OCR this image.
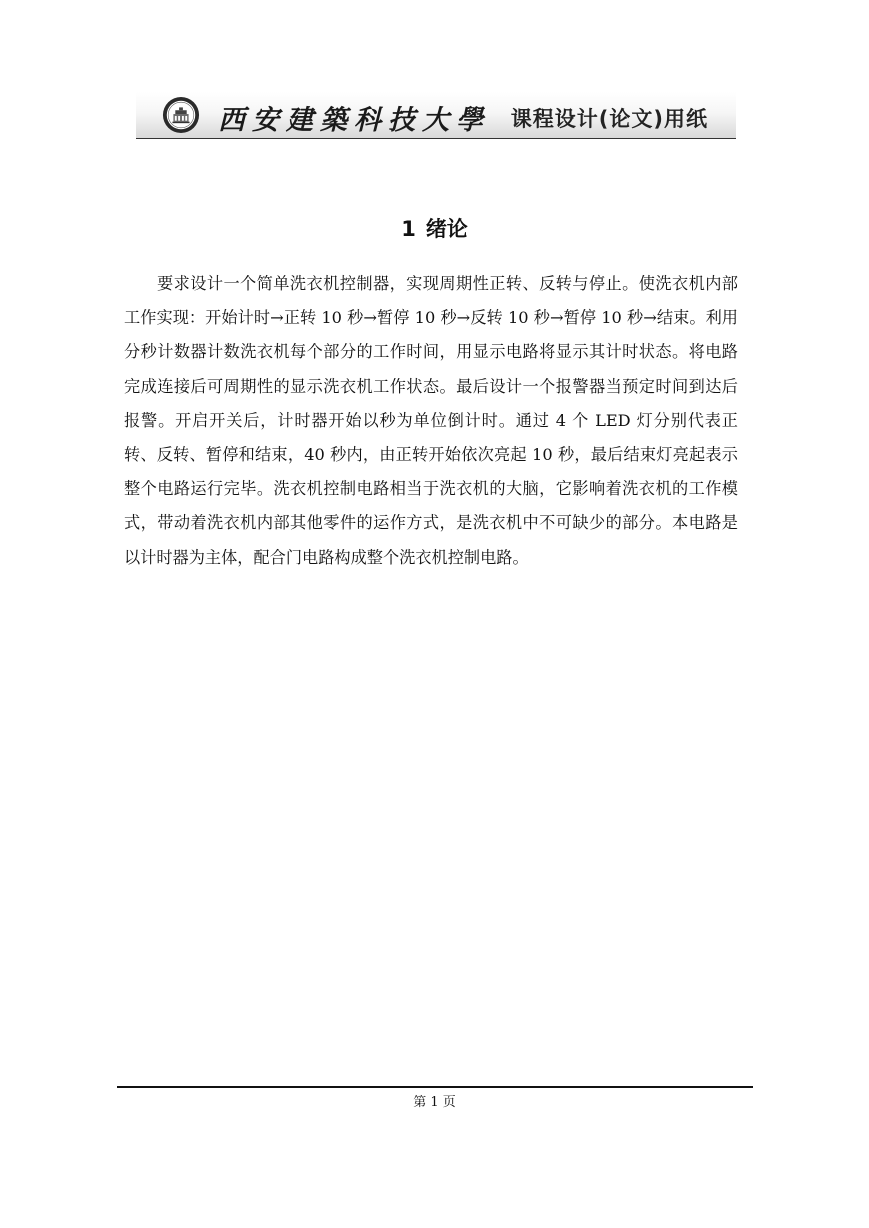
西安建築科技大學 课程设计(论文)用纸
1 绪论

要求设计一个简单洗衣机控制器，实现周期性正转、反转与停止。使洗衣机内部工作实现：开始计时→正转 10 秒→暂停 10 秒→反转 10 秒→暂停 10 秒→结束。利用分秒计数器计数洗衣机每个部分的工作时间，用显示电路将显示其计时状态。将电路完成连接后可周期性的显示洗衣机工作状态。最后设计一个报警器当预定时间到达后报警。开启开关后，计时器开始以秒为单位倒计时。通过 4 个 LED 灯分别代表正转、反转、暂停和结束，40 秒内，由正转开始依次亮起 10 秒，最后结束灯亮起表示整个电路运行完毕。洗衣机控制电路相当于洗衣机的大脑，它影响着洗衣机的工作模式，带动着洗衣机内部其他零件的运作方式，是洗衣机中不可缺少的部分。本电路是以计时器为主体，配合门电路构成整个洗衣机控制电路。

第 1 页
